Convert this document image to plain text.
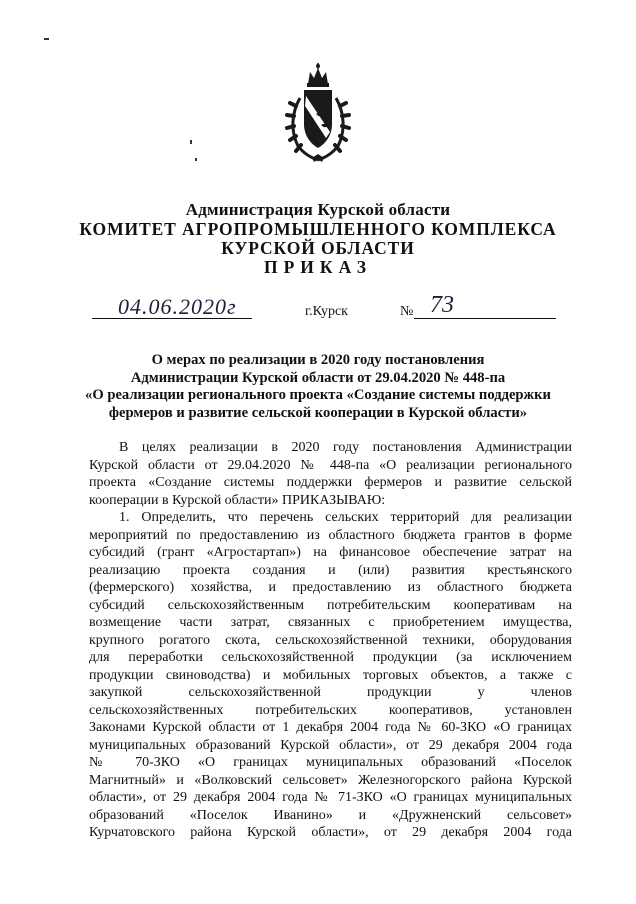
Администрация Курской области
КОМИТЕТ АГРОПРОМЫШЛЕННОГО КОМПЛЕКСА
КУРСКОЙ ОБЛАСТИ
ПРИКАЗ
04.06.2020г	г.Курск	№ 73
О мерах по реализации в 2020 году постановления
Администрации Курской области от 29.04.2020 № 448-па
«О реализации регионального проекта «Создание системы поддержки
фермеров и развитие сельской кооперации в Курской области»
В целях реализации в 2020 году постановления Администрации
Курской области от 29.04.2020 № 448-па «О реализации регионального
проекта «Создание системы поддержки фермеров и развитие сельской
кооперации в Курской области» ПРИКАЗЫВАЮ:
1. Определить, что перечень сельских территорий для реализации
мероприятий по предоставлению из областного бюджета грантов в форме
субсидий (грант «Агростартап») на финансовое обеспечение затрат на
реализацию проекта создания и (или) развития крестьянского
(фермерского) хозяйства, и предоставлению из областного бюджета
субсидий сельскохозяйственным потребительским кооперативам на
возмещение части затрат, связанных с приобретением имущества,
крупного рогатого скота, сельскохозяйственной техники, оборудования
для переработки сельскохозяйственной продукции (за исключением
продукции свиноводства) и мобильных торговых объектов, а также с
закупкой сельскохозяйственной продукции у членов
сельскохозяйственных потребительских кооперативов, установлен
Законами Курской области от 1 декабря 2004 года № 60-ЗКО «О границах
муниципальных образований Курской области», от 29 декабря 2004 года
№ 70-ЗКО «О границах муниципальных образований «Поселок
Магнитный» и «Волковский сельсовет» Железногорского района Курской
области», от 29 декабря 2004 года № 71-ЗКО «О границах муниципальных
образований «Поселок Иванино» и «Дружненский сельсовет»
Курчатовского района Курской области», от 29 декабря 2004 года
